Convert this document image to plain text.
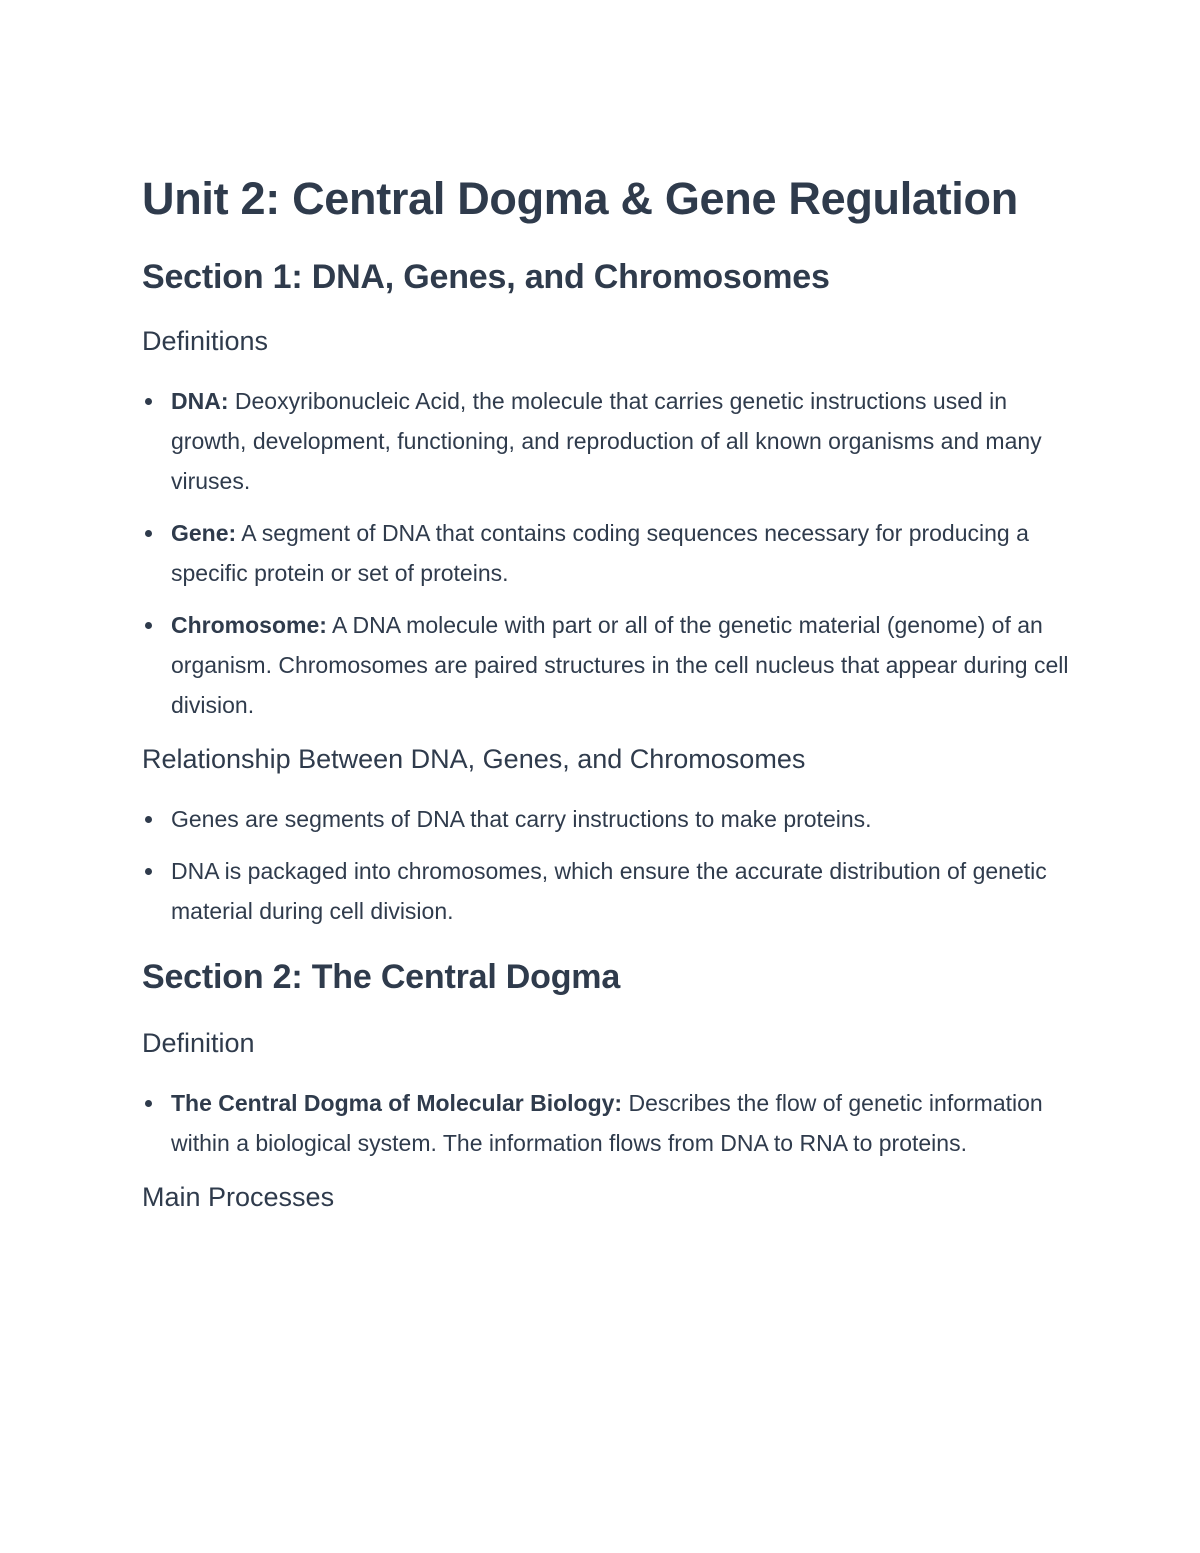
Unit 2: Central Dogma & Gene Regulation
Section 1: DNA, Genes, and Chromosomes
Definitions
DNA: Deoxyribonucleic Acid, the molecule that carries genetic instructions used in growth, development, functioning, and reproduction of all known organisms and many viruses.
Gene: A segment of DNA that contains coding sequences necessary for producing a specific protein or set of proteins.
Chromosome: A DNA molecule with part or all of the genetic material (genome) of an organism. Chromosomes are paired structures in the cell nucleus that appear during cell division.
Relationship Between DNA, Genes, and Chromosomes
Genes are segments of DNA that carry instructions to make proteins.
DNA is packaged into chromosomes, which ensure the accurate distribution of genetic material during cell division.
Section 2: The Central Dogma
Definition
The Central Dogma of Molecular Biology: Describes the flow of genetic information within a biological system. The information flows from DNA to RNA to proteins.
Main Processes
